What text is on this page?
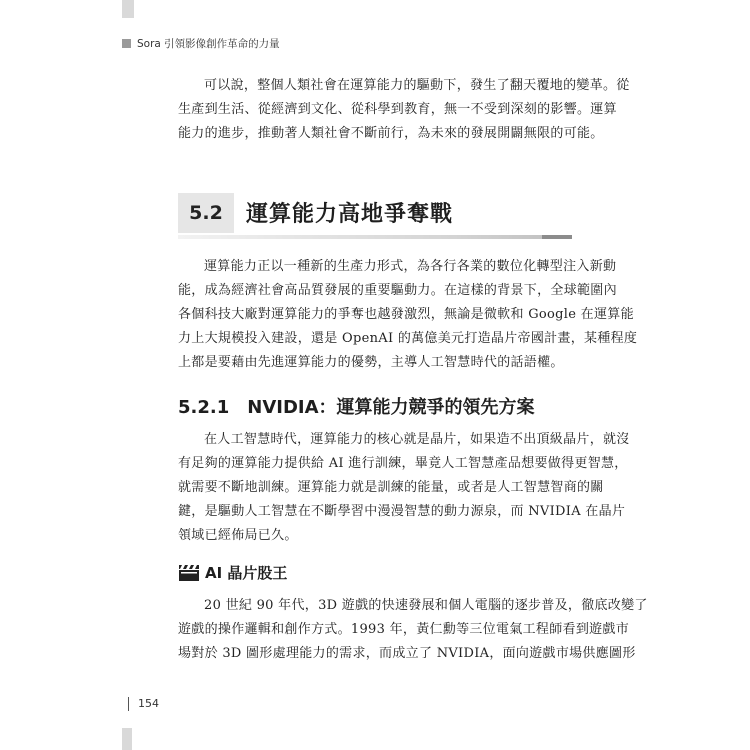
Sora 引領影像創作革命的力量

可以說，整個人類社會在運算能力的驅動下，發生了翻天覆地的變革。從
生產到生活、從經濟到文化、從科學到教育，無一不受到深刻的影響。運算
能力的進步，推動著人類社會不斷前行，為未來的發展開闢無限的可能。

5.2	運算能力高地爭奪戰

運算能力正以一種新的生產力形式，為各行各業的數位化轉型注入新動
能，成為經濟社會高品質發展的重要驅動力。在這樣的背景下，全球範圍內
各個科技大廠對運算能力的爭奪也越發激烈，無論是微軟和 Google 在運算能
力上大規模投入建設，還是 OpenAI 的萬億美元打造晶片帝國計畫，某種程度
上都是要藉由先進運算能力的優勢，主導人工智慧時代的話語權。

5.2.1 NVIDIA：運算能力競爭的領先方案

在人工智慧時代，運算能力的核心就是晶片，如果造不出頂級晶片，就沒
有足夠的運算能力提供給 AI 進行訓練，畢竟人工智慧產品想要做得更智慧，
就需要不斷地訓練。運算能力就是訓練的能量，或者是人工智慧智商的關
鍵，是驅動人工智慧在不斷學習中漫漫智慧的動力源泉，而 NVIDIA 在晶片
領域已經佈局已久。

AI 晶片股王

20 世紀 90 年代，3D 遊戲的快速發展和個人電腦的逐步普及，徹底改變了
遊戲的操作邏輯和創作方式。1993 年，黃仁勳等三位電氣工程師看到遊戲市
場對於 3D 圖形處理能力的需求，而成立了 NVIDIA，面向遊戲市場供應圖形

154
